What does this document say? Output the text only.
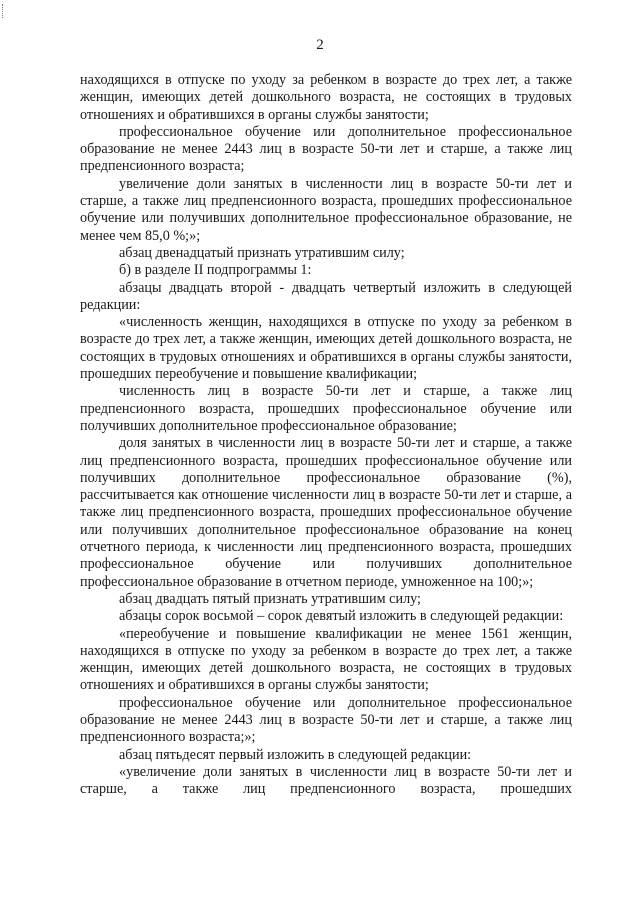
2

находящихся в отпуске по уходу за ребенком в возрасте до трех лет, а также женщин, имеющих детей дошкольного возраста, не состоящих в трудовых отношениях и обратившихся в органы службы занятости;

профессиональное обучение или дополнительное профессиональное образование не менее 2443 лиц в возрасте 50-ти лет и старше, а также лиц предпенсионного возраста;

увеличение доли занятых в численности лиц в возрасте 50-ти лет и старше, а также лиц предпенсионного возраста, прошедших профессиональное обучение или получивших дополнительное профессиональное образование, не менее чем 85,0 %;»;

абзац двенадцатый признать утратившим силу;

б) в разделе II подпрограммы 1:

абзацы двадцать второй - двадцать четвертый изложить в следующей редакции:

«численность женщин, находящихся в отпуске по уходу за ребенком в возрасте до трех лет, а также женщин, имеющих детей дошкольного возраста, не состоящих в трудовых отношениях и обратившихся в органы службы занятости, прошедших переобучение и повышение квалификации;

численность лиц в возрасте 50-ти лет и старше, а также лиц предпенсионного возраста, прошедших профессиональное обучение или получивших дополнительное профессиональное образование;

доля занятых в численности лиц в возрасте 50-ти лет и старше, а также лиц предпенсионного возраста, прошедших профессиональное обучение или получивших дополнительное профессиональное образование (%), рассчитывается как отношение численности лиц в возрасте 50-ти лет и старше, а также лиц предпенсионного возраста, прошедших профессиональное обучение или получивших дополнительное профессиональное образование на конец отчетного периода, к численности лиц предпенсионного возраста, прошедших профессиональное обучение или получивших дополнительное профессиональное образование в отчетном периоде, умноженное на 100;»;

абзац двадцать пятый признать утратившим силу;

абзацы сорок восьмой – сорок девятый изложить в следующей редакции:

«переобучение и повышение квалификации не менее 1561 женщин, находящихся в отпуске по уходу за ребенком в возрасте до трех лет, а также женщин, имеющих детей дошкольного возраста, не состоящих в трудовых отношениях и обратившихся в органы службы занятости;

профессиональное обучение или дополнительное профессиональное образование не менее 2443 лиц в возрасте 50-ти лет и старше, а также лиц предпенсионного возраста;»;

абзац пятьдесят первый изложить в следующей редакции:

«увеличение доли занятых в численности лиц в возрасте 50-ти лет и старше, а также лиц предпенсионного возраста, прошедших
